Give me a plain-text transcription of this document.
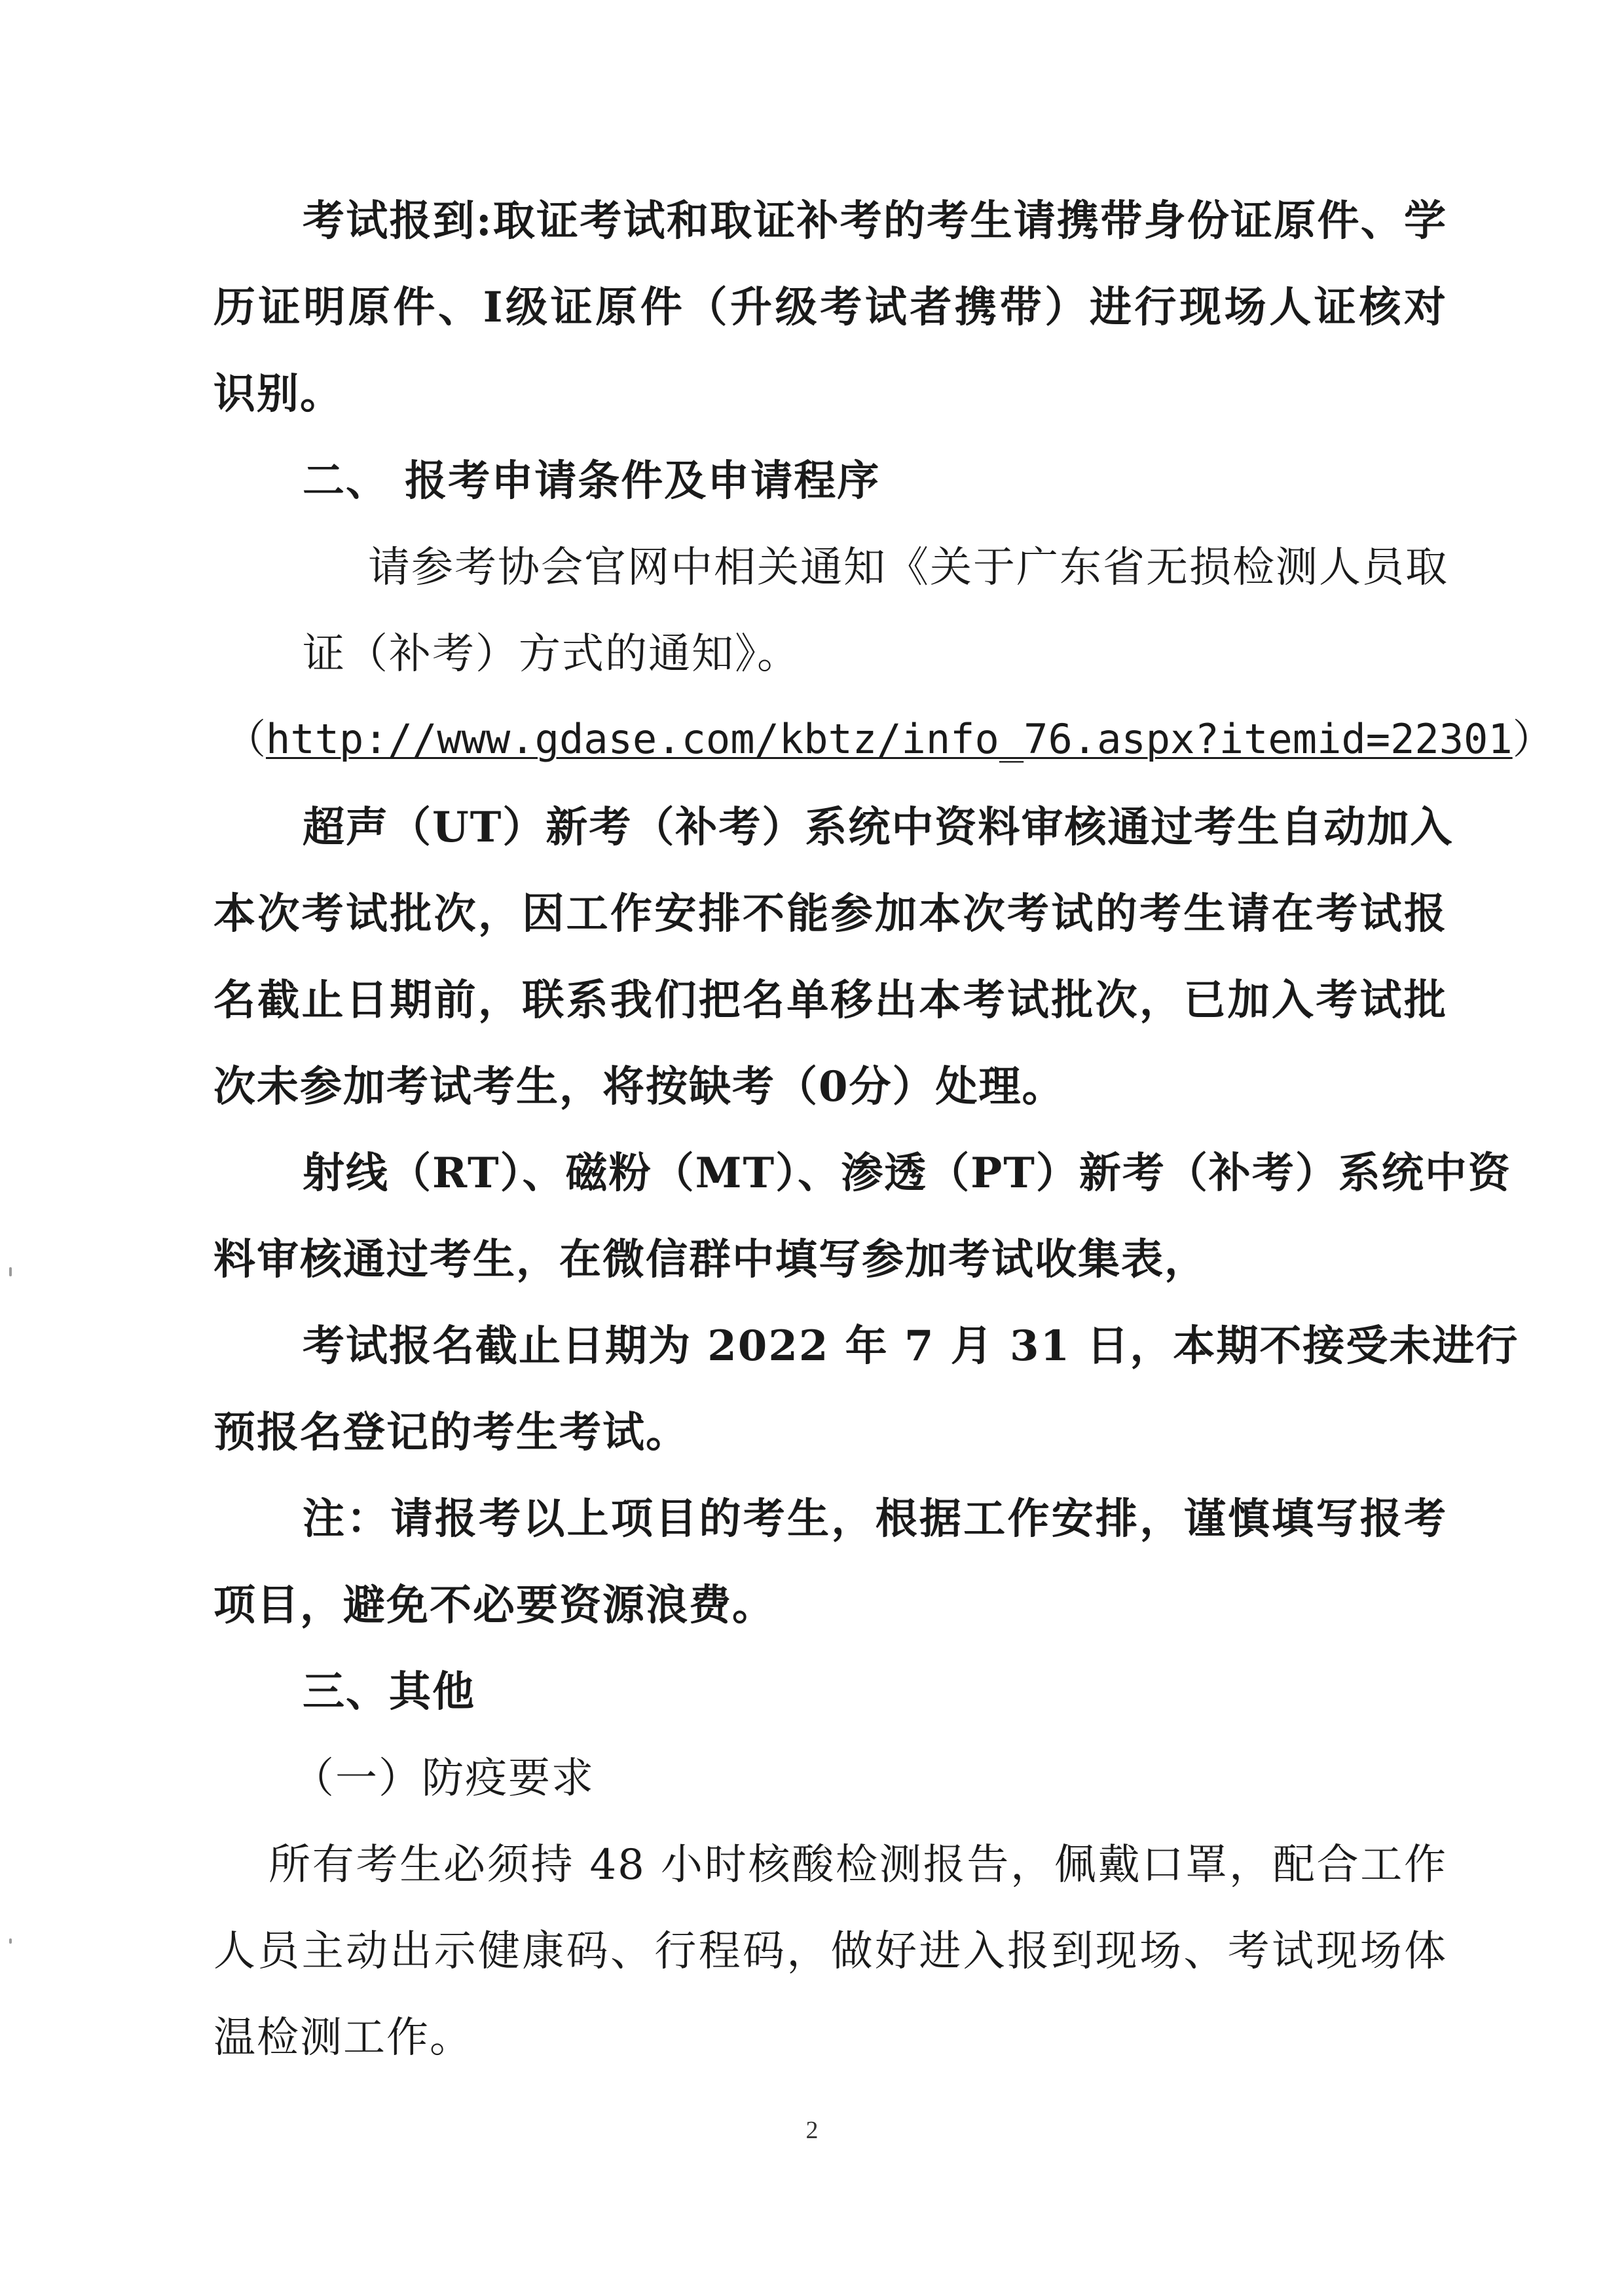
考试报到:取证考试和取证补考的考生请携带身份证原件、学
历证明原件、I级证原件（升级考试者携带）进行现场人证核对
识别。
二、 报考申请条件及申请程序
请参考协会官网中相关通知《关于广东省无损检测人员取
证（补考）方式的通知》。
（http://www.gdase.com/kbtz/info_76.aspx?itemid=22301）
超声（UT）新考（补考）系统中资料审核通过考生自动加入
本次考试批次，因工作安排不能参加本次考试的考生请在考试报
名截止日期前，联系我们把名单移出本考试批次，已加入考试批
次未参加考试考生，将按缺考（0分）处理。
射线（RT）、磁粉（MT）、渗透（PT）新考（补考）系统中资
料审核通过考生，在微信群中填写参加考试收集表，
考试报名截止日期为 2022 年 7 月 31 日，本期不接受未进行
预报名登记的考生考试。
注：请报考以上项目的考生，根据工作安排，谨慎填写报考
项目，避免不必要资源浪费。
三、其他
（一）防疫要求
所有考生必须持 48 小时核酸检测报告，佩戴口罩，配合工作
人员主动出示健康码、行程码，做好进入报到现场、考试现场体
温检测工作。
2
